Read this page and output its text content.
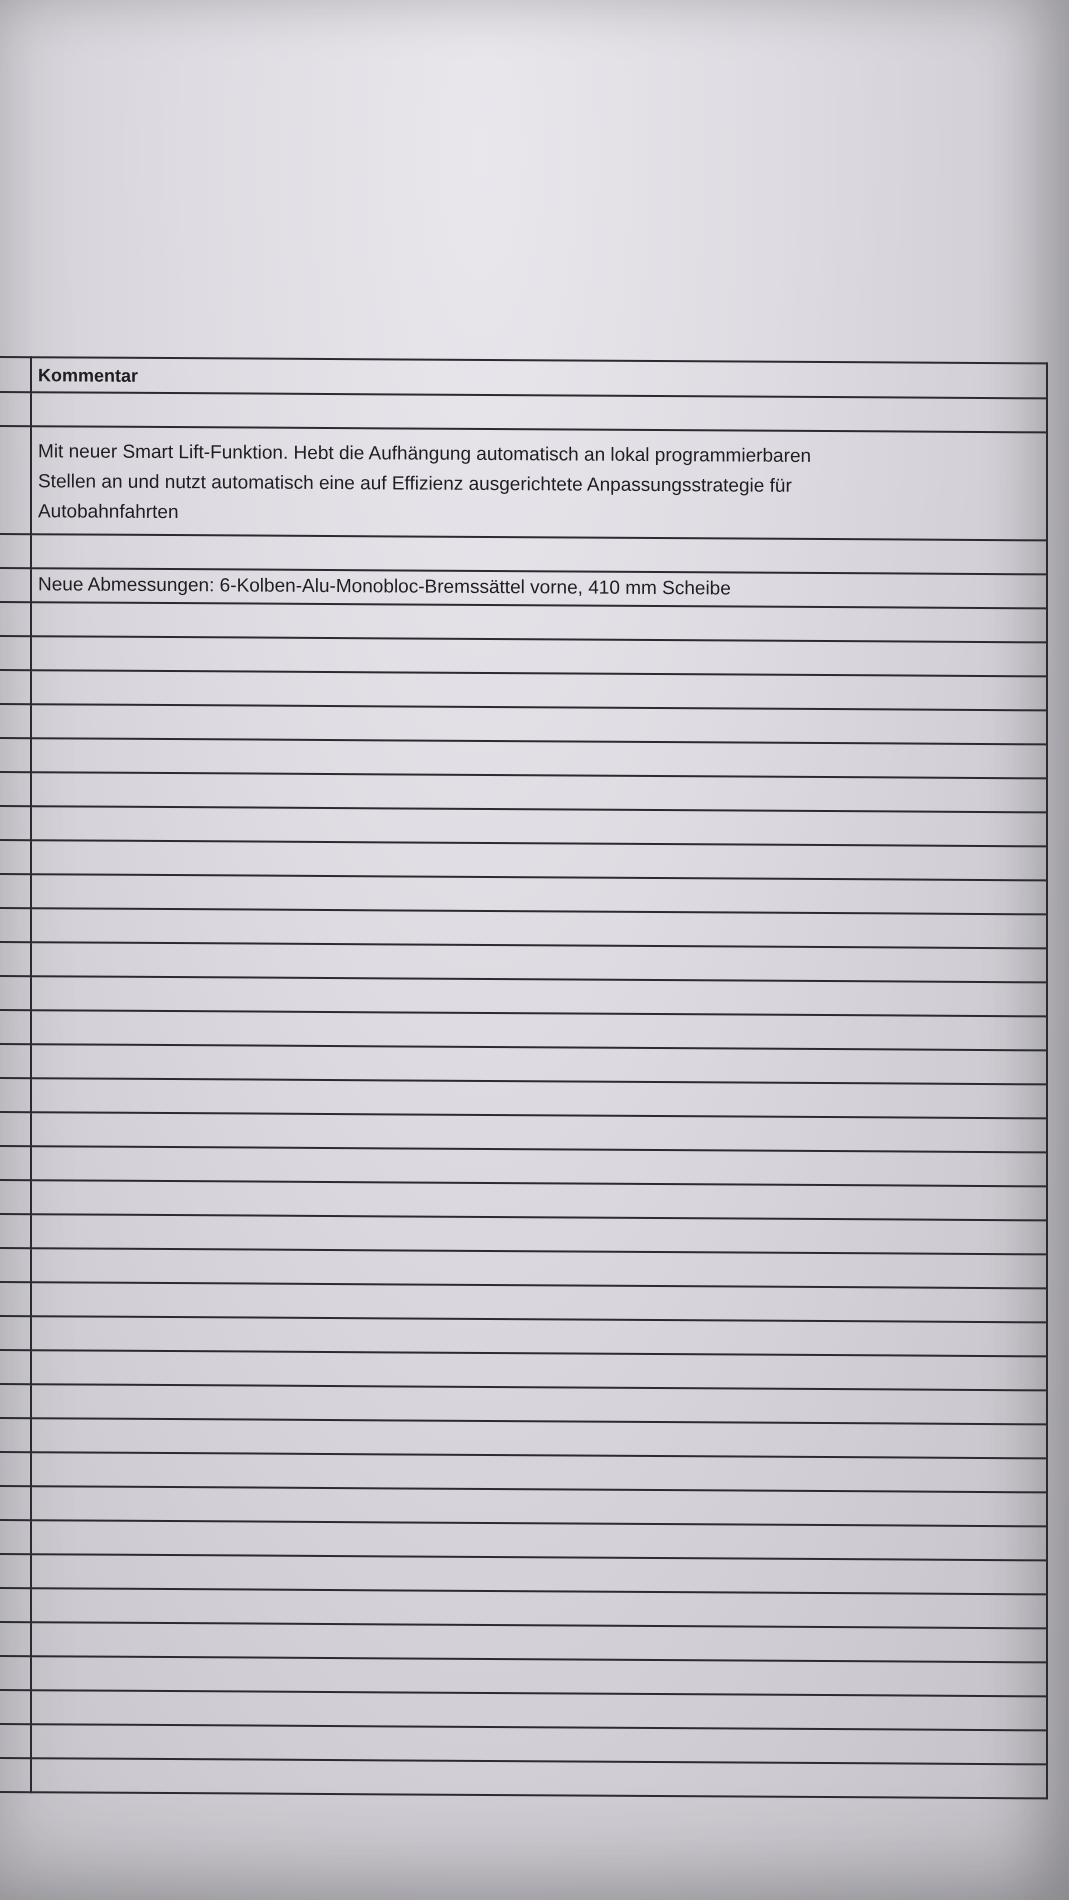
	Kommentar

	Mit neuer Smart Lift-Funktion. Hebt die Aufhängung automatisch an lokal programmierbaren
Stellen an und nutzt automatisch eine auf Effizienz ausgerichtete Anpassungsstrategie für
Autobahnfahrten

	Neue Abmessungen: 6-Kolben-Alu-Monobloc-Bremssättel vorne, 410 mm Scheibe
